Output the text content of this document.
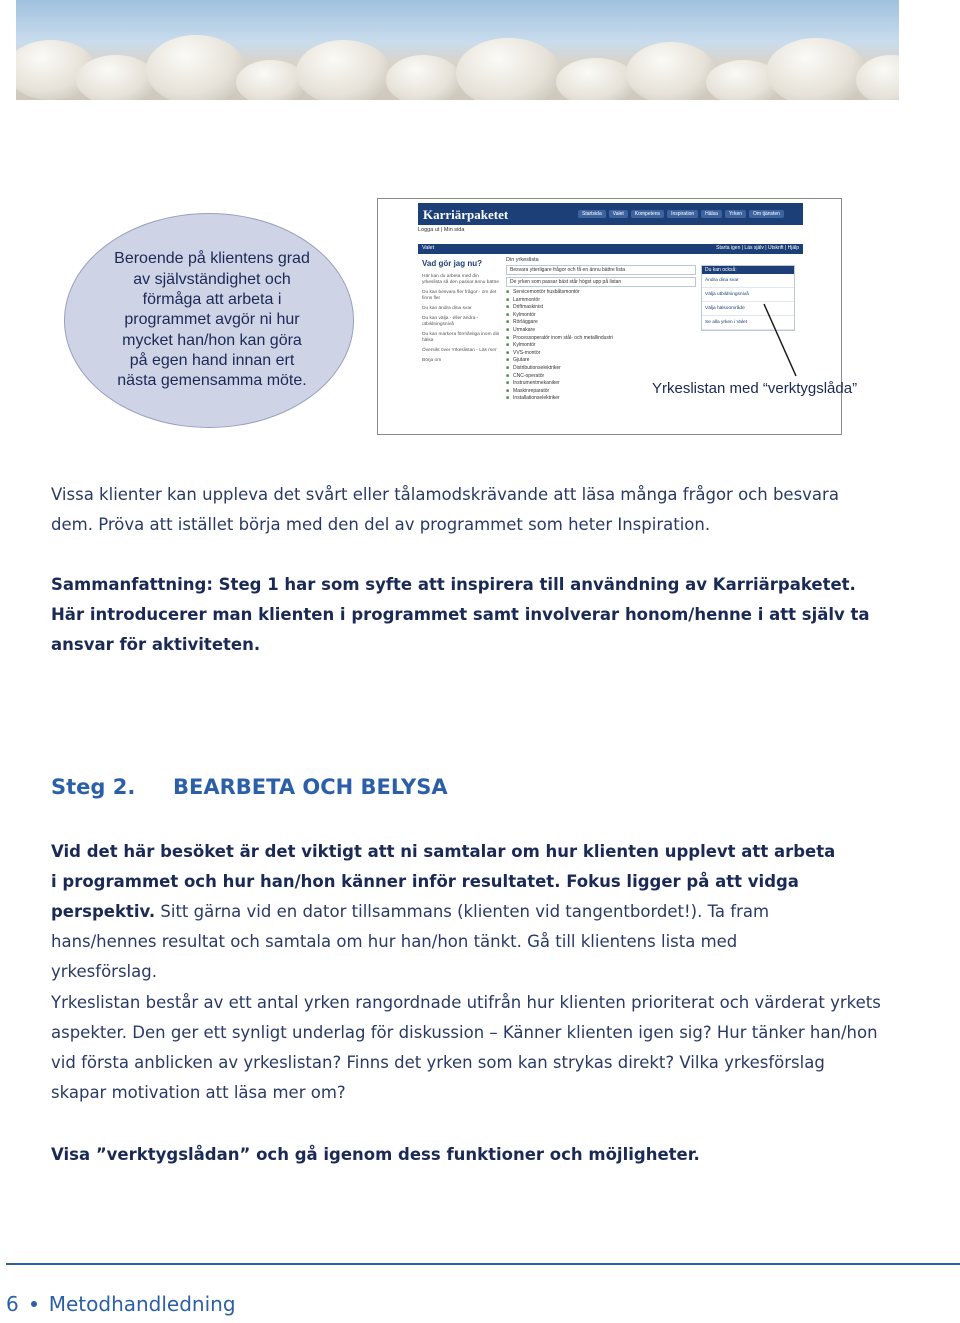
Beroende på klientens grad av självständighet och förmåga att arbeta i programmet avgör ni hur mycket han/hon kan göra på egen hand innan ert nästa gemensamma möte.
Karriärpaketet	Startsida	Valet	Kompetens	Inspiration	Hälsa	Yrken	Om tjänsten
Logga ut | Min sida
Valet	Starta igen | Läs själv | Utskrift | Hjälp
Vad gör jag nu?
Här kan du arbeta med din yrkeslista så den passar ännu bättre
Du kan besvara fler frågor - om det finns fler
Du kan ändra dina svar
Du kan välja - eller ändra - utbildningsnivå
Du kan markera förmånliga inom din hälsa
Översikt över Yrkeslistan - Läs mer
Börja om
Din yrkeslista
Besvara ytterligare frågor och få en ännu bättre lista
De yrken som passar bäst står högst upp på listan
■ Servicemontör husbåtsmontör
■ Larmmontör
■ Driftmaskinist
■ Kylmontör
■ Rörläggare
■ Urmakare
■ Processoperatör inom stål- och metallindustri
■ Kylmontör
■ VVS-montör
■ Gjutare
■ Distributionselektriker
■ CNC-operatör
■ Instrumentmekaniker
■ Maskinreparatör
■ Installationselektriker
Du kan också:
Ändra dina svar
Välja utbildningsnivå
Välja hälsoområde
Se alla yrken i Valet
Yrkeslistan med “verktygslåda”

Vissa klienter kan uppleva det svårt eller tålamodskrävande att läsa många frågor och besvara dem. Pröva att istället börja med den del av programmet som heter Inspiration.

Sammanfattning: Steg 1 har som syfte att inspirera till användning av Karriärpaketet. Här introducerer man klienten i programmet samt involverar honom/henne i att själv ta ansvar för aktiviteten.

Steg 2. BEARBETA OCH BELYSA
Vid det här besöket är det viktigt att ni samtalar om hur klienten upplevt att arbeta i programmet och hur han/hon känner inför resultatet. Fokus ligger på att vidga perspektiv. Sitt gärna vid en dator tillsammans (klienten vid tangentbordet!). Ta fram hans/hennes resultat och samtala om hur han/hon tänkt. Gå till klientens lista med yrkesförslag.

Yrkeslistan består av ett antal yrken rangordnade utifrån hur klienten prioriterat och värderat yrkets aspekter. Den ger ett synligt underlag för diskussion – Känner klienten igen sig? Hur tänker han/hon vid första anblicken av yrkeslistan? Finns det yrken som kan strykas direkt? Vilka yrkesförslag skapar motivation att läsa mer om?

Visa ”verktygslådan” och gå igenom dess funktioner och möjligheter.

6 Metodhandledning
